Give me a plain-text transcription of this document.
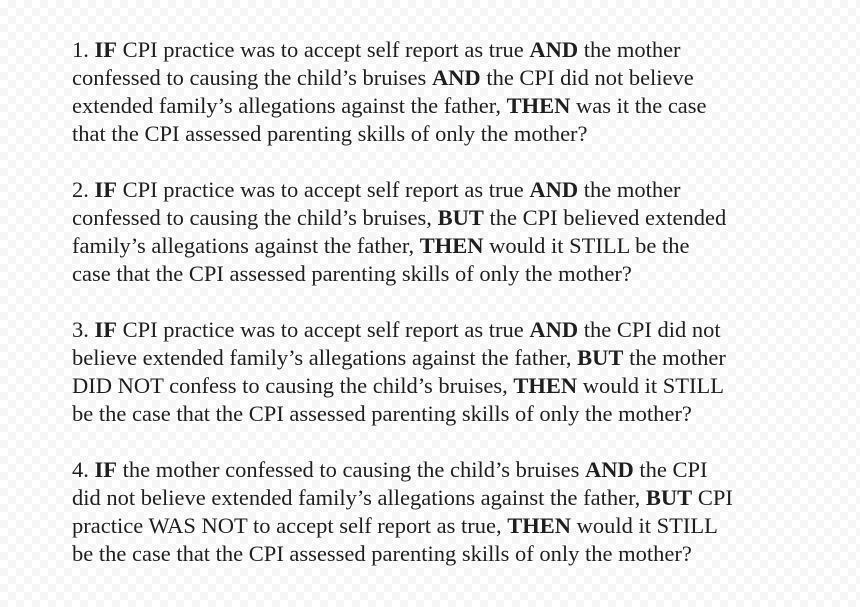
1. IF CPI practice was to accept self report as true AND the mother
confessed to causing the child’s bruises AND the CPI did not believe
extended family’s allegations against the father, THEN was it the case
that the CPI assessed parenting skills of only the mother?
2. IF CPI practice was to accept self report as true AND the mother
confessed to causing the child’s bruises, BUT the CPI believed extended
family’s allegations against the father, THEN would it STILL be the
case that the CPI assessed parenting skills of only the mother?
3. IF CPI practice was to accept self report as true AND the CPI did not
believe extended family’s allegations against the father, BUT the mother
DID NOT confess to causing the child’s bruises, THEN would it STILL
be the case that the CPI assessed parenting skills of only the mother?
4. IF the mother confessed to causing the child’s bruises AND the CPI
did not believe extended family’s allegations against the father, BUT CPI
practice WAS NOT to accept self report as true, THEN would it STILL
be the case that the CPI assessed parenting skills of only the mother?
